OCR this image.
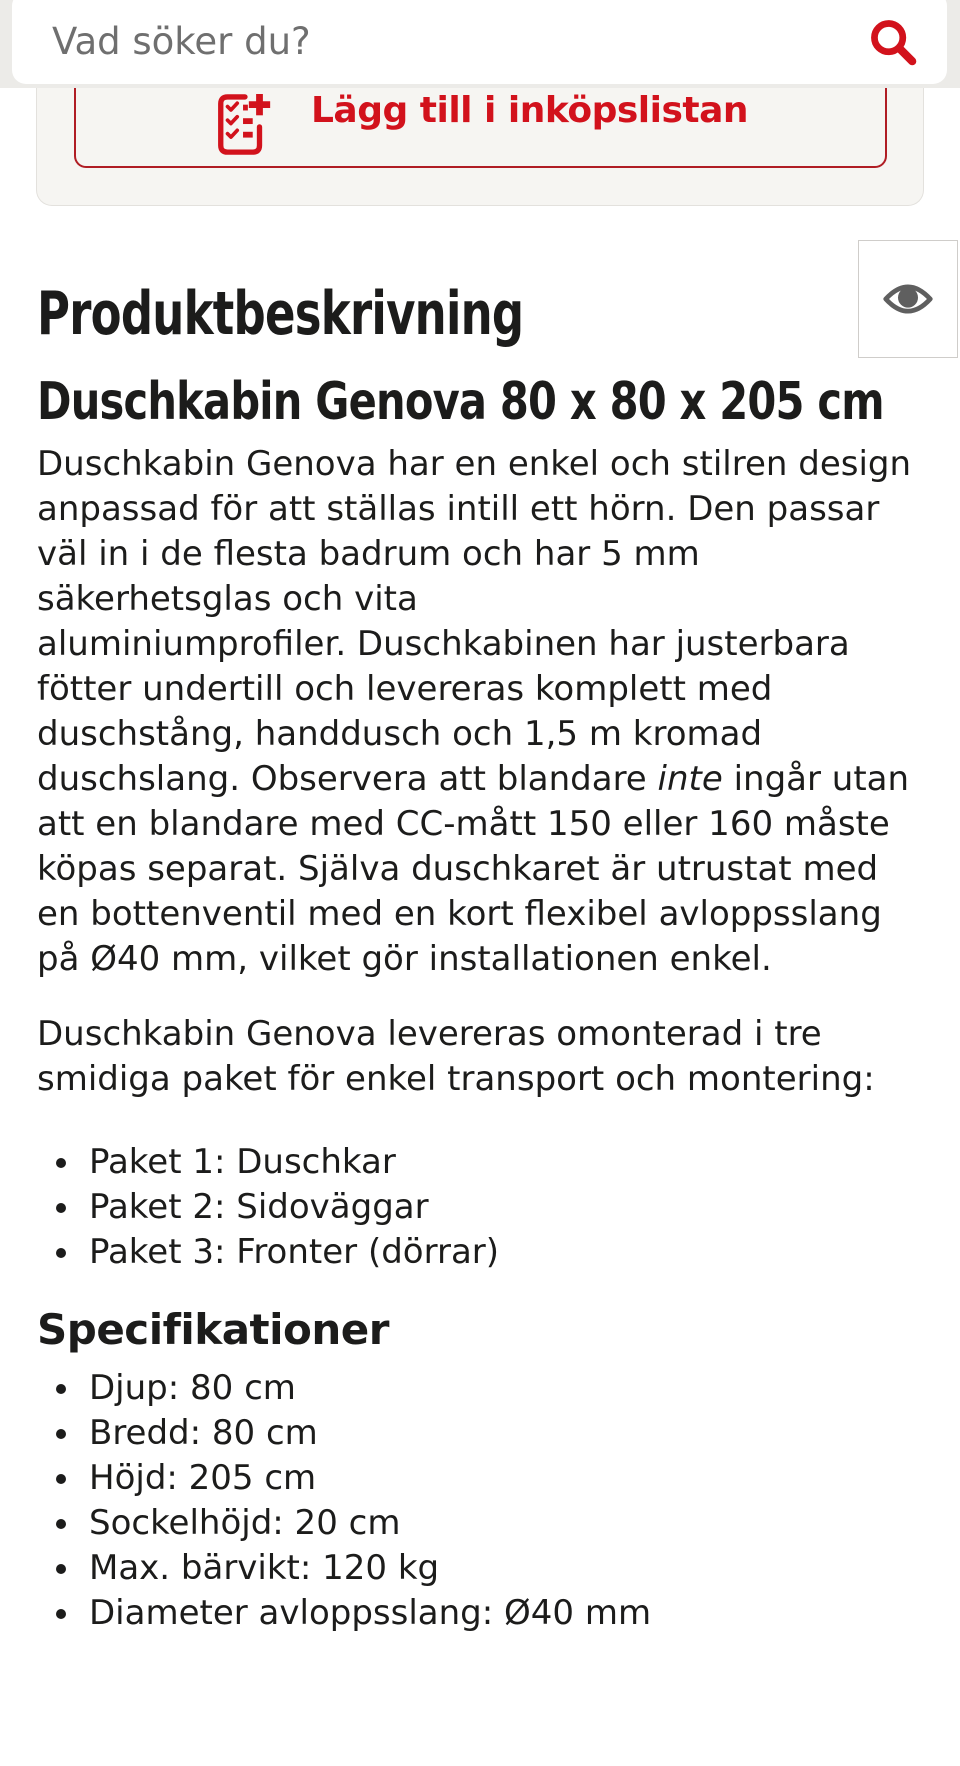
Vad söker du?
Lägg till i inköpslistan
Produktbeskrivning
Duschkabin Genova 80 x 80 x 205 cm

Duschkabin Genova har en enkel och stilren design anpassad för att ställas intill ett hörn. Den passar väl in i de flesta badrum och har 5 mm säkerhetsglas och vita
aluminiumprofiler. Duschkabinen har justerbara fötter undertill och levereras komplett med duschstång, handdusch och 1,5 m kromad duschslang. Observera att blandare inte ingår utan att en blandare med CC-mått 150 eller 160 måste köpas separat. Själva duschkaret är utrustat med en bottenventil med en kort flexibel avloppsslang på Ø40 mm, vilket gör installationen enkel.

Duschkabin Genova levereras omonterad i tre smidiga paket för enkel transport och montering:

• Paket 1: Duschkar
• Paket 2: Sidoväggar
• Paket 3: Fronter (dörrar)
Specifikationer
• Djup: 80 cm
• Bredd: 80 cm
• Höjd: 205 cm
• Sockelhöjd: 20 cm
• Max. bärvikt: 120 kg
• Diameter avloppsslang: Ø40 mm
